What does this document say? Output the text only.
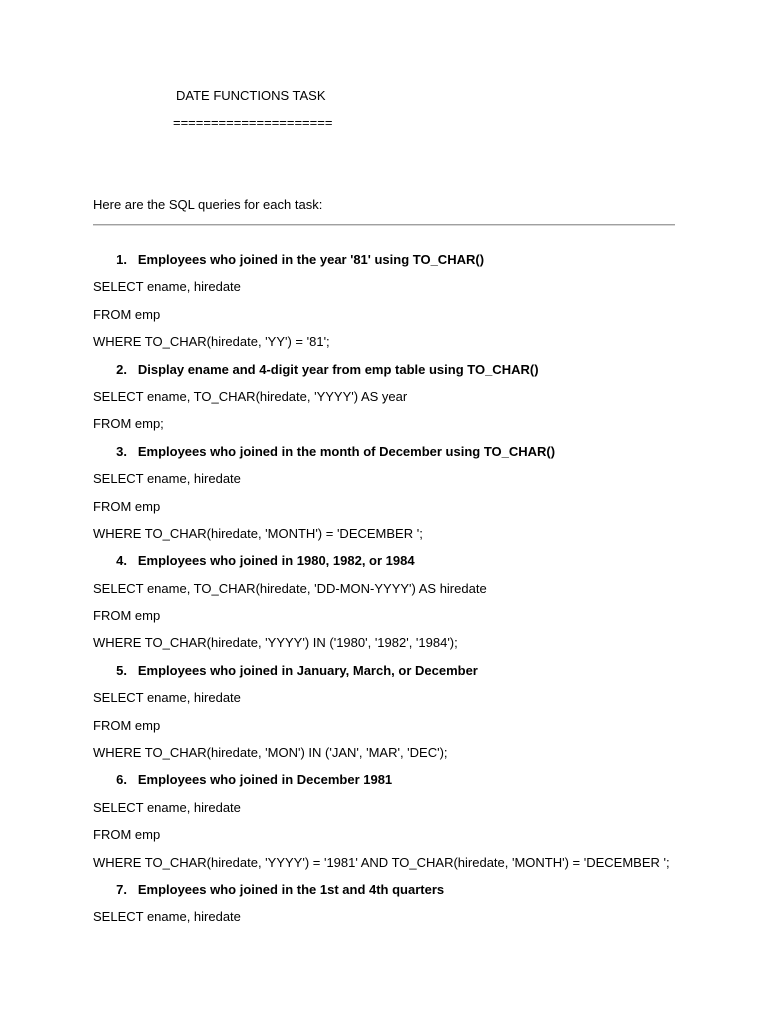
DATE FUNCTIONS TASK
=====================
Here are the SQL queries for each task:
1. Employees who joined in the year '81' using TO_CHAR()
SELECT ename, hiredate
FROM emp
WHERE TO_CHAR(hiredate, 'YY') = '81';
2. Display ename and 4-digit year from emp table using TO_CHAR()
SELECT ename, TO_CHAR(hiredate, 'YYYY') AS year
FROM emp;
3. Employees who joined in the month of December using TO_CHAR()
SELECT ename, hiredate
FROM emp
WHERE TO_CHAR(hiredate, 'MONTH') = 'DECEMBER ';
4. Employees who joined in 1980, 1982, or 1984
SELECT ename, TO_CHAR(hiredate, 'DD-MON-YYYY') AS hiredate
FROM emp
WHERE TO_CHAR(hiredate, 'YYYY') IN ('1980', '1982', '1984');
5. Employees who joined in January, March, or December
SELECT ename, hiredate
FROM emp
WHERE TO_CHAR(hiredate, 'MON') IN ('JAN', 'MAR', 'DEC');
6. Employees who joined in December 1981
SELECT ename, hiredate
FROM emp
WHERE TO_CHAR(hiredate, 'YYYY') = '1981' AND TO_CHAR(hiredate, 'MONTH') = 'DECEMBER ';
7. Employees who joined in the 1st and 4th quarters
SELECT ename, hiredate
